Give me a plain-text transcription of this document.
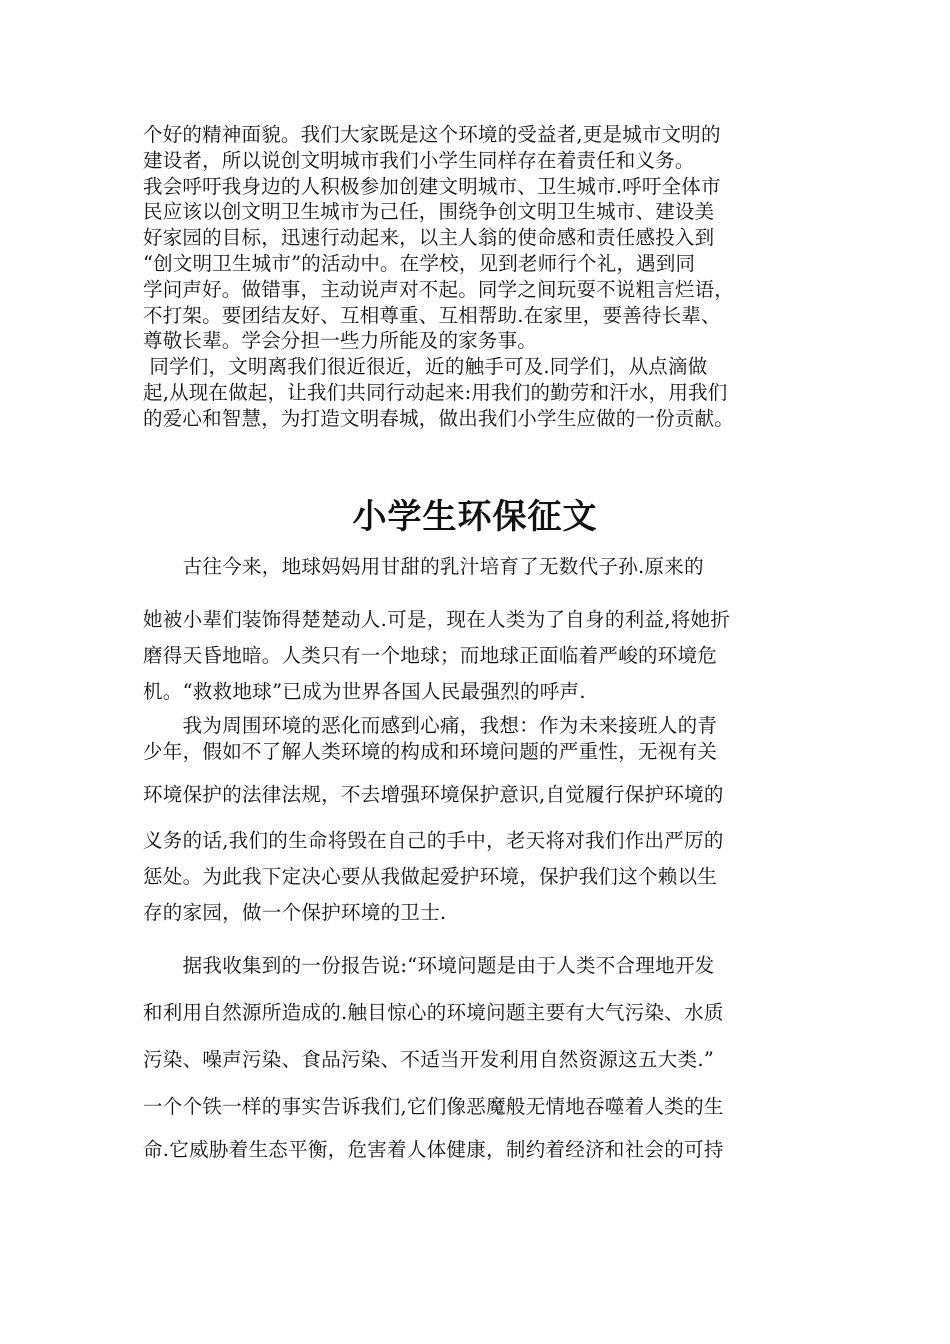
个好的精神面貌。我们大家既是这个环境的受益者,更是城市文明的
建设者，所以说创文明城市我们小学生同样存在着责任和义务。
我会呼吁我身边的人积极参加创建文明城市、卫生城市.呼吁全体市
民应该以创文明卫生城市为己任，围绕争创文明卫生城市、建设美
好家园的目标，迅速行动起来，以主人翁的使命感和责任感投入到
“创文明卫生城市”的活动中。在学校，见到老师行个礼，遇到同
学问声好。做错事，主动说声对不起。同学之间玩耍不说粗言烂语，
不打架。要团结友好、互相尊重、互相帮助.在家里，要善待长辈、
尊敬长辈。学会分担一些力所能及的家务事。
同学们，文明离我们很近很近，近的触手可及.同学们，从点滴做
起,从现在做起，让我们共同行动起来:用我们的勤劳和汗水，用我们
的爱心和智慧，为打造文明春城，做出我们小学生应做的一份贡献。
小学生环保征文
　　古往今来，地球妈妈用甘甜的乳汁培育了无数代子孙.原来的
她被小辈们装饰得楚楚动人.可是，现在人类为了自身的利益,将她折
磨得天昏地暗。人类只有一个地球；而地球正面临着严峻的环境危
机。“救救地球”已成为世界各国人民最强烈的呼声.
　　我为周围环境的恶化而感到心痛，我想：作为未来接班人的青
少年，假如不了解人类环境的构成和环境问题的严重性，无视有关
环境保护的法律法规，不去增强环境保护意识,自觉履行保护环境的
义务的话,我们的生命将毁在自己的手中，老天将对我们作出严厉的
惩处。为此我下定决心要从我做起爱护环境，保护我们这个赖以生
存的家园，做一个保护环境的卫士.
　　据我收集到的一份报告说:“环境问题是由于人类不合理地开发
和利用自然源所造成的.触目惊心的环境问题主要有大气污染、水质
污染、噪声污染、食品污染、不适当开发利用自然资源这五大类.”
一个个铁一样的事实告诉我们,它们像恶魔般无情地吞噬着人类的生
命.它威胁着生态平衡，危害着人体健康，制约着经济和社会的可持
